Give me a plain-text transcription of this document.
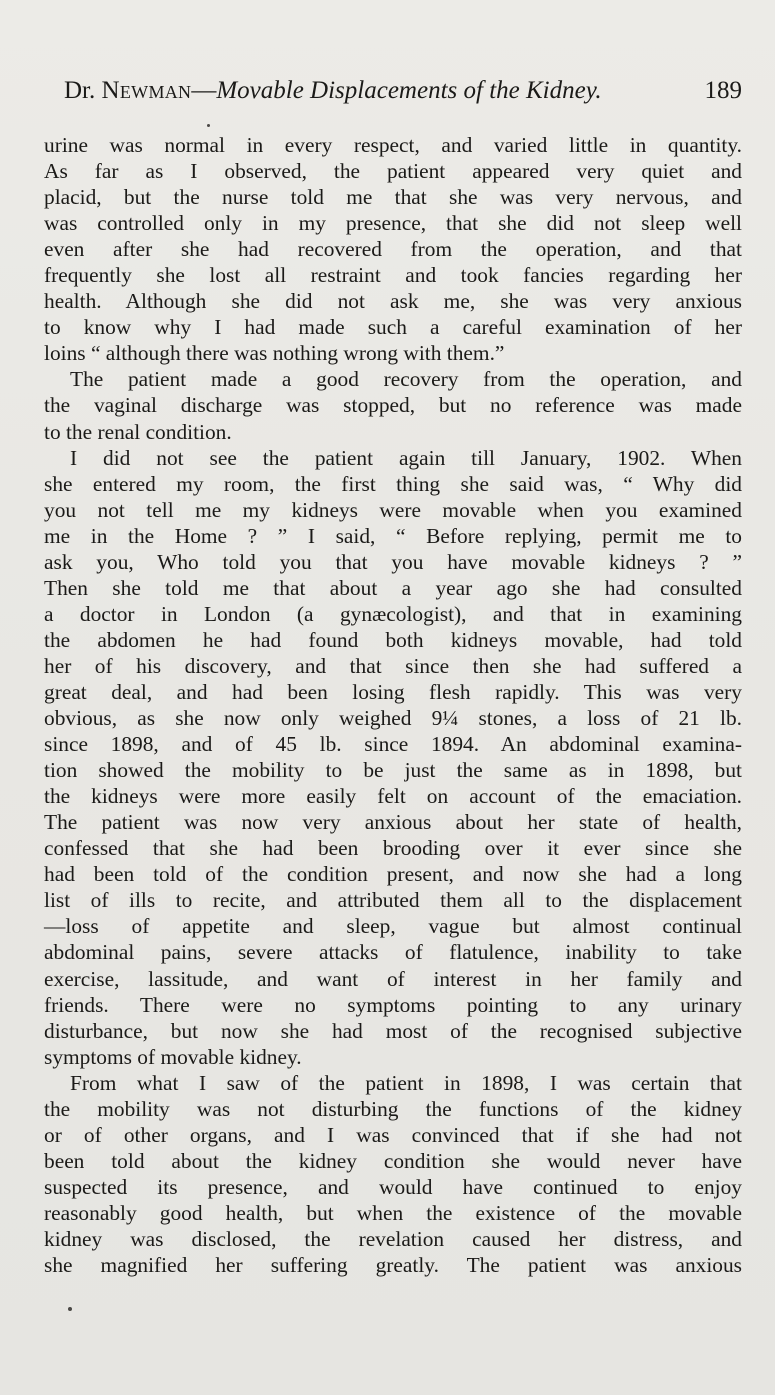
Dr. Newman—Movable Displacements of the Kidney.	189
urine was normal in every respect, and varied little in quantity.
As far as I observed, the patient appeared very quiet and
placid, but the nurse told me that she was very nervous, and
was controlled only in my presence, that she did not sleep well
even after she had recovered from the operation, and that
frequently she lost all restraint and took fancies regarding her
health. Although she did not ask me, she was very anxious
to know why I had made such a careful examination of her
loins “ although there was nothing wrong with them.”
The patient made a good recovery from the operation, and
the vaginal discharge was stopped, but no reference was made
to the renal condition.
I did not see the patient again till January, 1902. When
she entered my room, the first thing she said was, “ Why did
you not tell me my kidneys were movable when you examined
me in the Home ? ” I said, “ Before replying, permit me to
ask you, Who told you that you have movable kidneys ? ”
Then she told me that about a year ago she had consulted
a doctor in London (a gynæcologist), and that in examining
the abdomen he had found both kidneys movable, had told
her of his discovery, and that since then she had suffered a
great deal, and had been losing flesh rapidly. This was very
obvious, as she now only weighed 9¼ stones, a loss of 21 lb.
since 1898, and of 45 lb. since 1894. An abdominal examina-
tion showed the mobility to be just the same as in 1898, but
the kidneys were more easily felt on account of the emaciation.
The patient was now very anxious about her state of health,
confessed that she had been brooding over it ever since she
had been told of the condition present, and now she had a long
list of ills to recite, and attributed them all to the displacement
—loss of appetite and sleep, vague but almost continual
abdominal pains, severe attacks of flatulence, inability to take
exercise, lassitude, and want of interest in her family and
friends. There were no symptoms pointing to any urinary
disturbance, but now she had most of the recognised subjective
symptoms of movable kidney.
From what I saw of the patient in 1898, I was certain that
the mobility was not disturbing the functions of the kidney
or of other organs, and I was convinced that if she had not
been told about the kidney condition she would never have
suspected its presence, and would have continued to enjoy
reasonably good health, but when the existence of the movable
kidney was disclosed, the revelation caused her distress, and
she magnified her suffering greatly. The patient was anxious
